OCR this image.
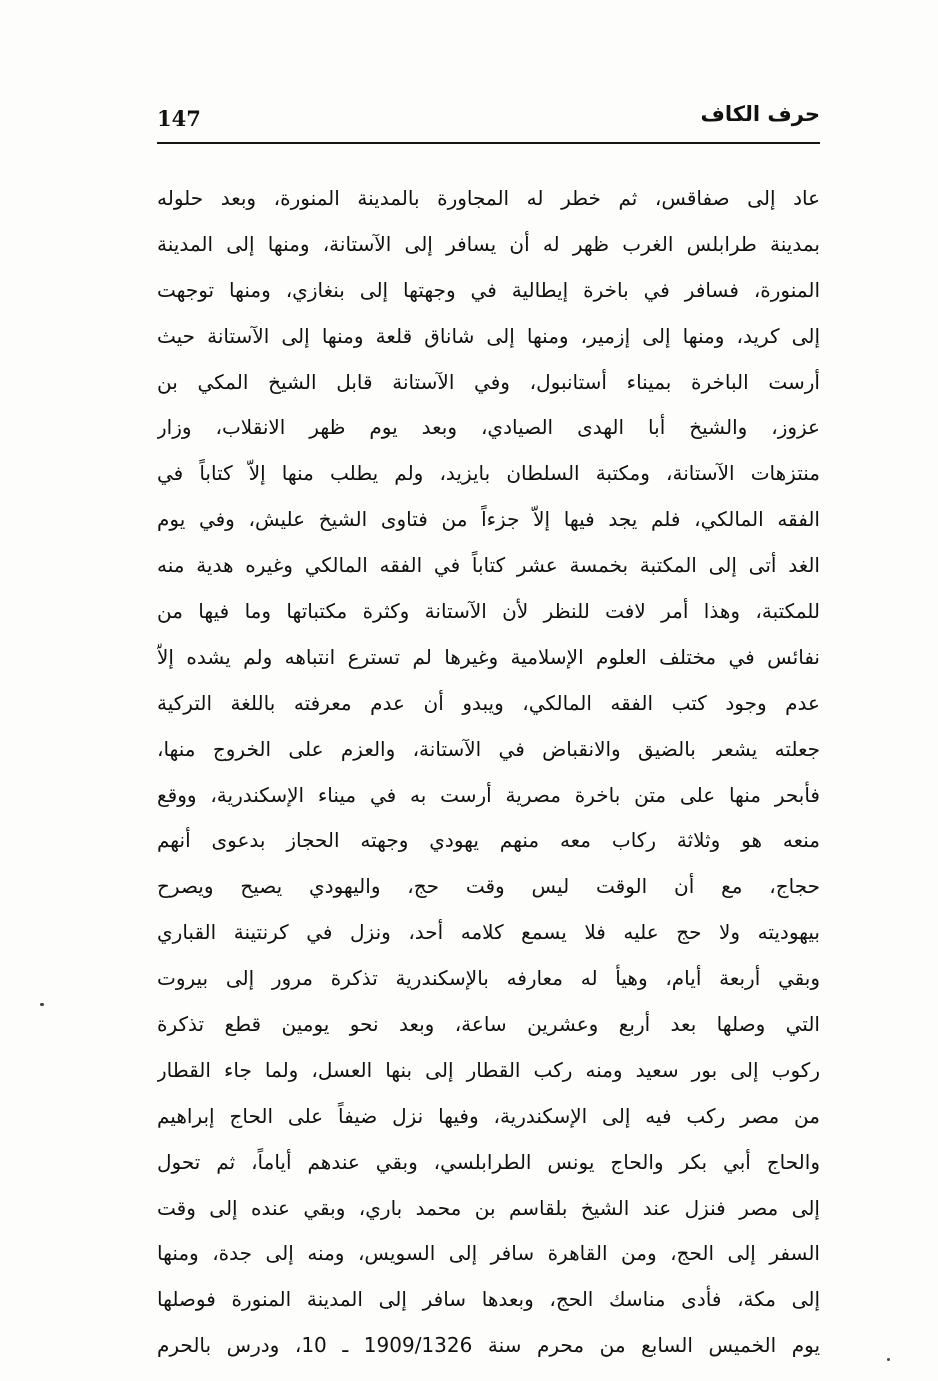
147	حرف الكاف
عاد إلى صفاقس، ثم خطر له المجاورة بالمدينة المنورة، وبعد حلوله
بمدينة طرابلس الغرب ظهر له أن يسافر إلى الآستانة، ومنها إلى المدينة
المنورة، فسافر في باخرة إيطالية في وجهتها إلى بنغازي، ومنها توجهت
إلى كريد، ومنها إلى إزمير، ومنها إلى شاناق قلعة ومنها إلى الآستانة حيث
أرست الباخرة بميناء أستانبول، وفي الآستانة قابل الشيخ المكي بن
عزوز، والشيخ أبا الهدى الصيادي، وبعد يوم ظهر الانقلاب، وزار
منتزهات الآستانة، ومكتبة السلطان بايزيد، ولم يطلب منها إلاّ كتاباً في
الفقه المالكي، فلم يجد فيها إلاّ جزءاً من فتاوى الشيخ عليش، وفي يوم
الغد أتى إلى المكتبة بخمسة عشر كتاباً في الفقه المالكي وغيره هدية منه
للمكتبة، وهذا أمر لافت للنظر لأن الآستانة وكثرة مكتباتها وما فيها من
نفائس في مختلف العلوم الإسلامية وغيرها لم تسترع انتباهه ولم يشده إلاّ
عدم وجود كتب الفقه المالكي، ويبدو أن عدم معرفته باللغة التركية
جعلته يشعر بالضيق والانقباض في الآستانة، والعزم على الخروج منها،
فأبحر منها على متن باخرة مصرية أرست به في ميناء الإسكندرية، ووقع
منعه هو وثلاثة ركاب معه منهم يهودي وجهته الحجاز بدعوى أنهم
حجاج، مع أن الوقت ليس وقت حج، واليهودي يصيح ويصرح
بيهوديته ولا حج عليه فلا يسمع كلامه أحد، ونزل في كرنتينة القباري
وبقي أربعة أيام، وهيأ له معارفه بالإسكندرية تذكرة مرور إلى بيروت
التي وصلها بعد أربع وعشرين ساعة، وبعد نحو يومين قطع تذكرة
ركوب إلى بور سعيد ومنه ركب القطار إلى بنها العسل، ولما جاء القطار
من مصر ركب فيه إلى الإسكندرية، وفيها نزل ضيفاً على الحاج إبراهيم
والحاج أبي بكر والحاج يونس الطرابلسي، وبقي عندهم أياماً، ثم تحول
إلى مصر فنزل عند الشيخ بلقاسم بن محمد باري، وبقي عنده إلى وقت
السفر إلى الحج، ومن القاهرة سافر إلى السويس، ومنه إلى جدة، ومنها
إلى مكة، فأدى مناسك الحج، وبعدها سافر إلى المدينة المنورة فوصلها
يوم الخميس السابع من محرم سنة 1909/1326 ـ 10، ودرس بالحرم
